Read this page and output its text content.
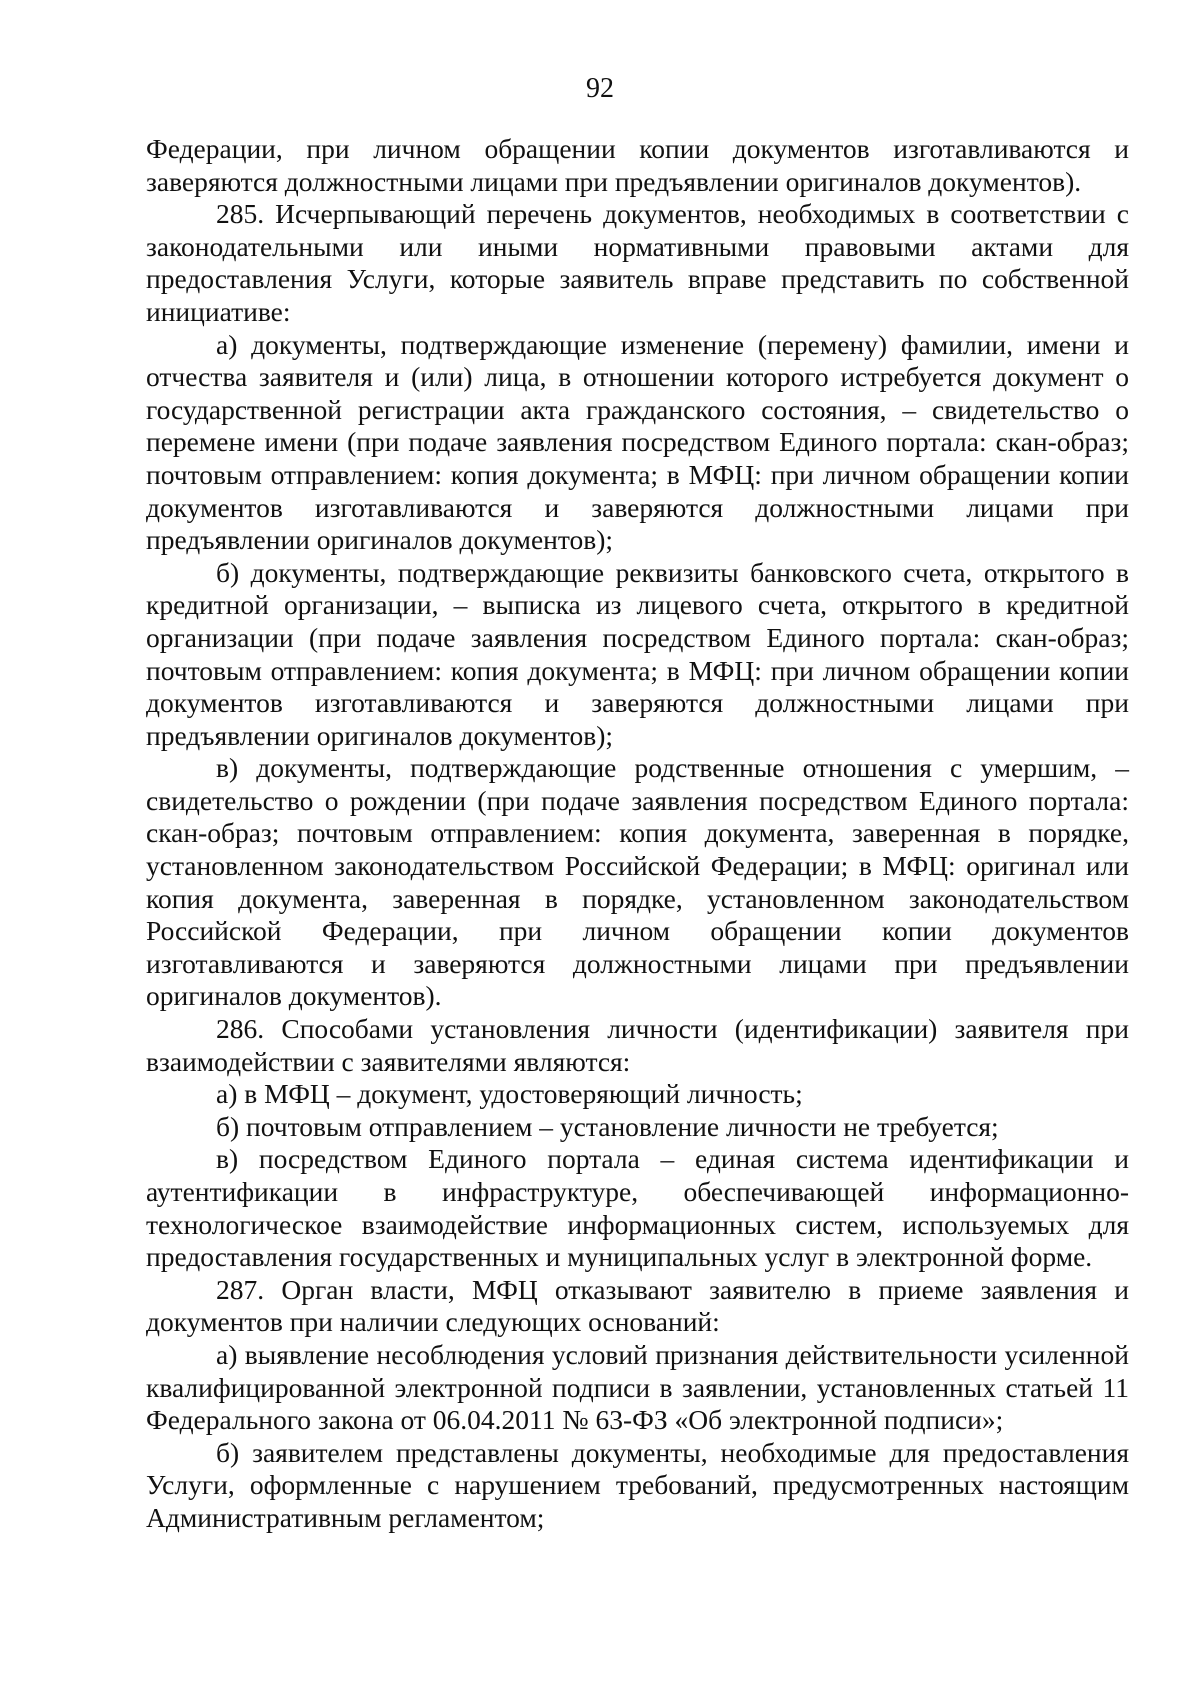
92

Федерации, при личном обращении копии документов изготавливаются и заверяются должностными лицами при предъявлении оригиналов документов).

285. Исчерпывающий перечень документов, необходимых в соответствии с законодательными или иными нормативными правовыми актами для предоставления Услуги, которые заявитель вправе представить по собственной инициативе:

а) документы, подтверждающие изменение (перемену) фамилии, имени и отчества заявителя и (или) лица, в отношении которого истребуется документ о государственной регистрации акта гражданского состояния, – свидетельство о перемене имени (при подаче заявления посредством Единого портала: скан-образ; почтовым отправлением: копия документа; в МФЦ: при личном обращении копии документов изготавливаются и заверяются должностными лицами при предъявлении оригиналов документов);

б) документы, подтверждающие реквизиты банковского счета, открытого в кредитной организации, – выписка из лицевого счета, открытого в кредитной организации (при подаче заявления посредством Единого портала: скан-образ; почтовым отправлением: копия документа; в МФЦ: при личном обращении копии документов изготавливаются и заверяются должностными лицами при предъявлении оригиналов документов);

в) документы, подтверждающие родственные отношения с умершим, – свидетельство о рождении (при подаче заявления посредством Единого портала: скан-образ; почтовым отправлением: копия документа, заверенная в порядке, установленном законодательством Российской Федерации; в МФЦ: оригинал или копия документа, заверенная в порядке, установленном законодательством Российской Федерации, при личном обращении копии документов изготавливаются и заверяются должностными лицами при предъявлении оригиналов документов).

286. Способами установления личности (идентификации) заявителя при взаимодействии с заявителями являются:

а) в МФЦ – документ, удостоверяющий личность;

б) почтовым отправлением – установление личности не требуется;

в) посредством Единого портала – единая система идентификации и аутентификации в инфраструктуре, обеспечивающей информационно-технологическое взаимодействие информационных систем, используемых для предоставления государственных и муниципальных услуг в электронной форме.

287. Орган власти, МФЦ отказывают заявителю в приеме заявления и документов при наличии следующих оснований:

а) выявление несоблюдения условий признания действительности усиленной квалифицированной электронной подписи в заявлении, установленных статьей 11 Федерального закона от 06.04.2011 № 63-ФЗ «Об электронной подписи»;

б) заявителем представлены документы, необходимые для предоставления Услуги, оформленные с нарушением требований, предусмотренных настоящим Административным регламентом;
